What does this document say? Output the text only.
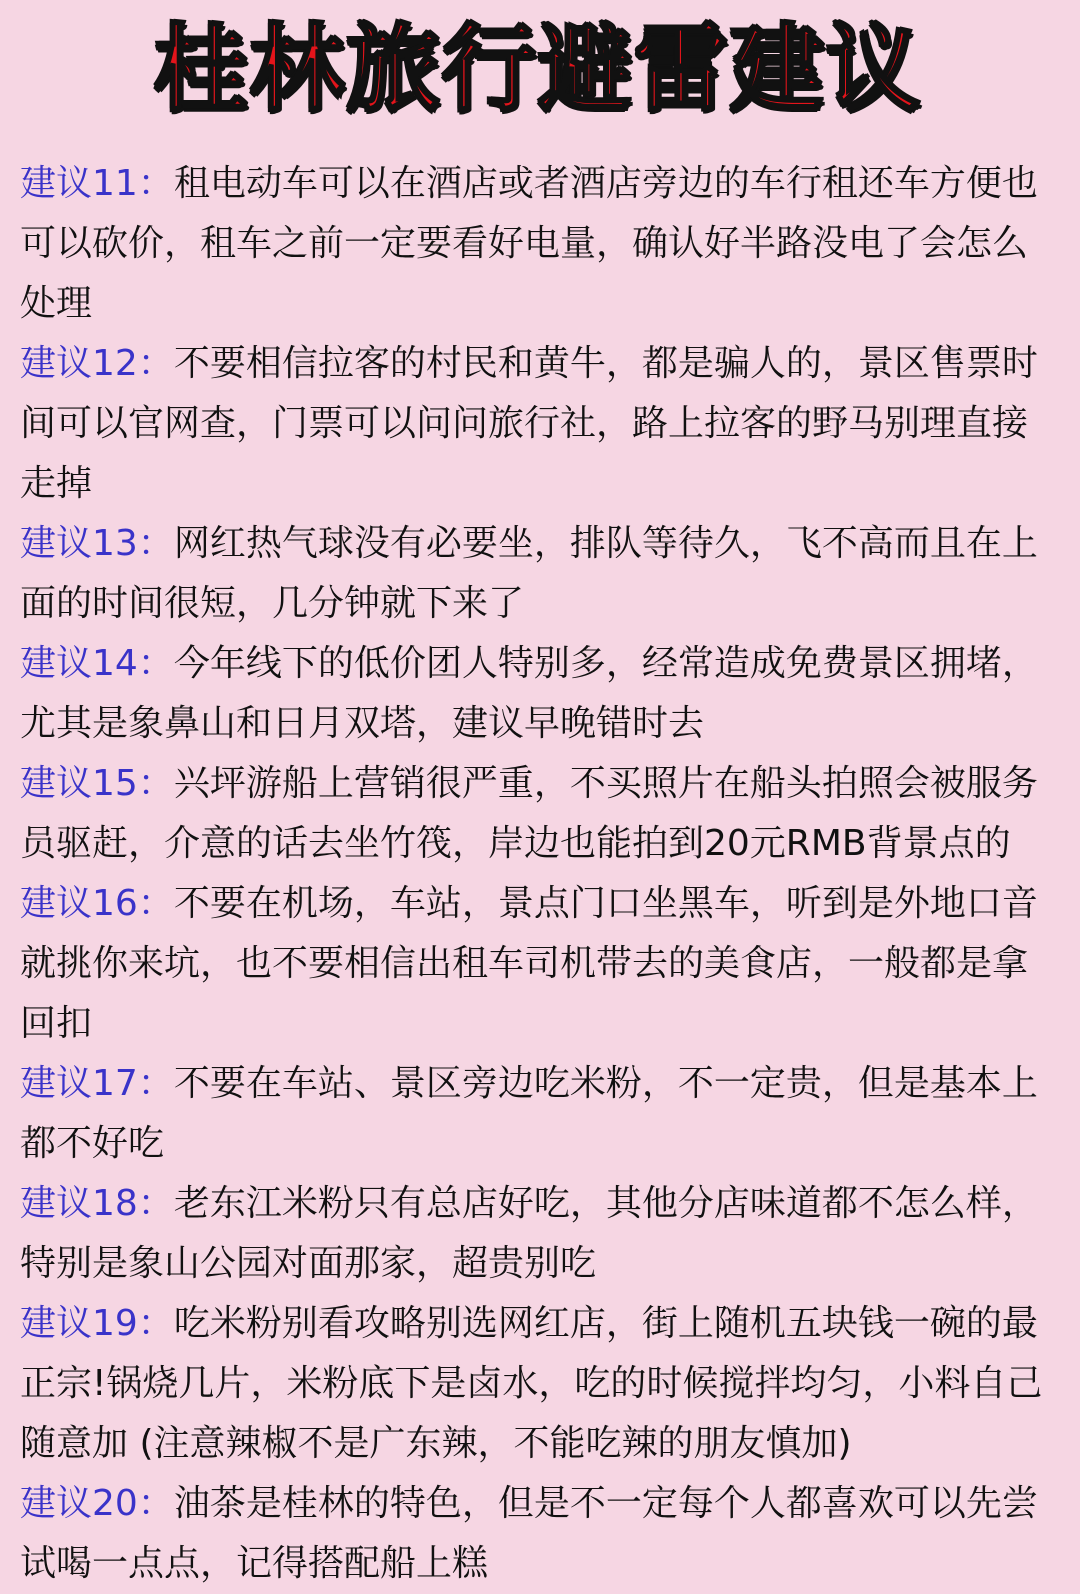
桂林旅行避雷建议

建议11：租电动车可以在酒店或者酒店旁边的车行租还车方便也可以砍价，租车之前一定要看好电量，确认好半路没电了会怎么处理

建议12：不要相信拉客的村民和黄牛，都是骗人的，景区售票时间可以官网查，门票可以问问旅行社，路上拉客的野马别理直接走掉

建议13：网红热气球没有必要坐，排队等待久，飞不高而且在上面的时间很短，几分钟就下来了

建议14：今年线下的低价团人特别多，经常造成免费景区拥堵，尤其是象鼻山和日月双塔，建议早晚错时去

建议15：兴坪游船上营销很严重，不买照片在船头拍照会被服务员驱赶，介意的话去坐竹筏，岸边也能拍到20元RMB背景点的

建议16：不要在机场，车站，景点门口坐黑车，听到是外地口音就挑你来坑，也不要相信出租车司机带去的美食店，一般都是拿回扣

建议17：不要在车站、景区旁边吃米粉，不一定贵，但是基本上都不好吃

建议18：老东江米粉只有总店好吃，其他分店味道都不怎么样，特别是象山公园对面那家，超贵别吃

建议19：吃米粉别看攻略别选网红店，街上随机五块钱一碗的最正宗!锅烧几片，米粉底下是卤水，吃的时候搅拌均匀，小料自己随意加 (注意辣椒不是广东辣，不能吃辣的朋友慎加)

建议20：油茶是桂林的特色，但是不一定每个人都喜欢可以先尝试喝一点点，记得搭配船上糕
